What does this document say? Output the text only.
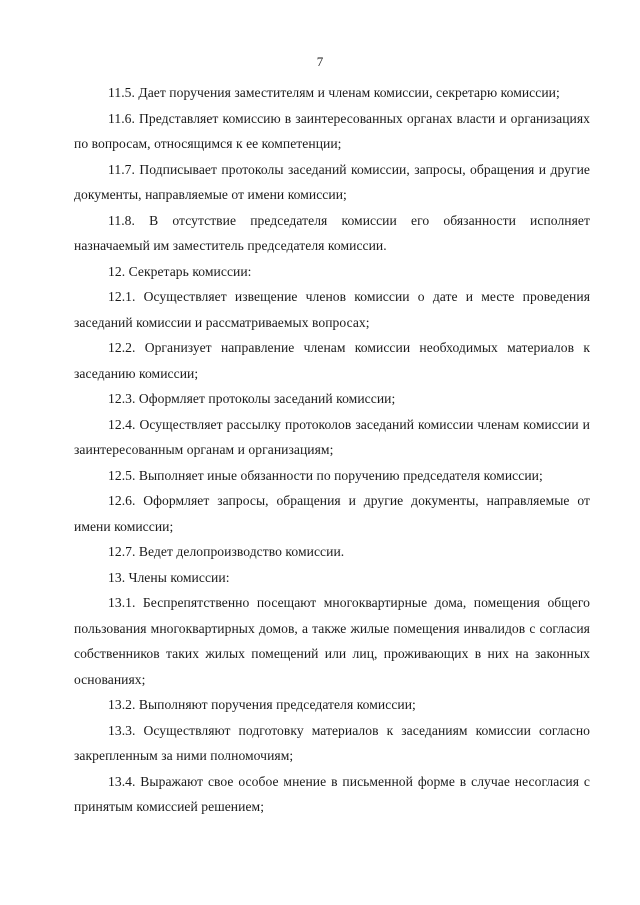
7

11.5. Дает поручения заместителям и членам комиссии, секретарю комиссии;

11.6. Представляет комиссию в заинтересованных органах власти и организациях по вопросам, относящимся к ее компетенции;

11.7. Подписывает протоколы заседаний комиссии, запросы, обращения и другие документы, направляемые от имени комиссии;

11.8. В отсутствие председателя комиссии его обязанности исполняет назначаемый им заместитель председателя комиссии.

12. Секретарь комиссии:

12.1. Осуществляет извещение членов комиссии о дате и месте проведения заседаний комиссии и рассматриваемых вопросах;

12.2. Организует направление членам комиссии необходимых материалов к заседанию комиссии;

12.3. Оформляет протоколы заседаний комиссии;

12.4. Осуществляет рассылку протоколов заседаний комиссии членам комиссии и заинтересованным органам и организациям;

12.5. Выполняет иные обязанности по поручению председателя комиссии;

12.6. Оформляет запросы, обращения и другие документы, направляемые от имени комиссии;

12.7. Ведет делопроизводство комиссии.

13. Члены комиссии:

13.1. Беспрепятственно посещают многоквартирные дома, помещения общего пользования многоквартирных домов, а также жилые помещения инвалидов с согласия собственников таких жилых помещений или лиц, проживающих в них на законных основаниях;

13.2. Выполняют поручения председателя комиссии;

13.3. Осуществляют подготовку материалов к заседаниям комиссии согласно закрепленным за ними полномочиям;

13.4. Выражают свое особое мнение в письменной форме в случае несогласия с принятым комиссией решением;
